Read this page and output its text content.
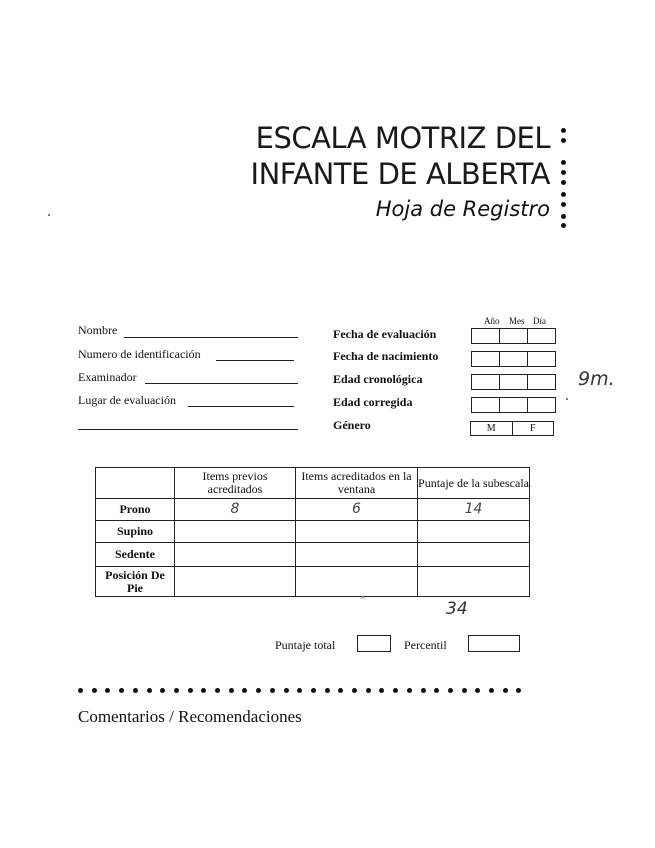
ESCALA MOTRIZ DEL
INFANTE DE ALBERTA
Hoja de Registro
Nombre
Numero de identificación
Examinador
Lugar de evaluación
Año Mes Día
Fecha de evaluación
Fecha de nacimiento
Edad cronológica
Edad corregida
Género	M	F
9m.
	Items previos acreditados	Items acreditados en la ventana	Puntaje de la subescala
Prono	8	6	14
Supino			
Sedente			
Posición De Pie			
34
ˆ
Puntaje total	Percentil
Comentarios / Recomendaciones
